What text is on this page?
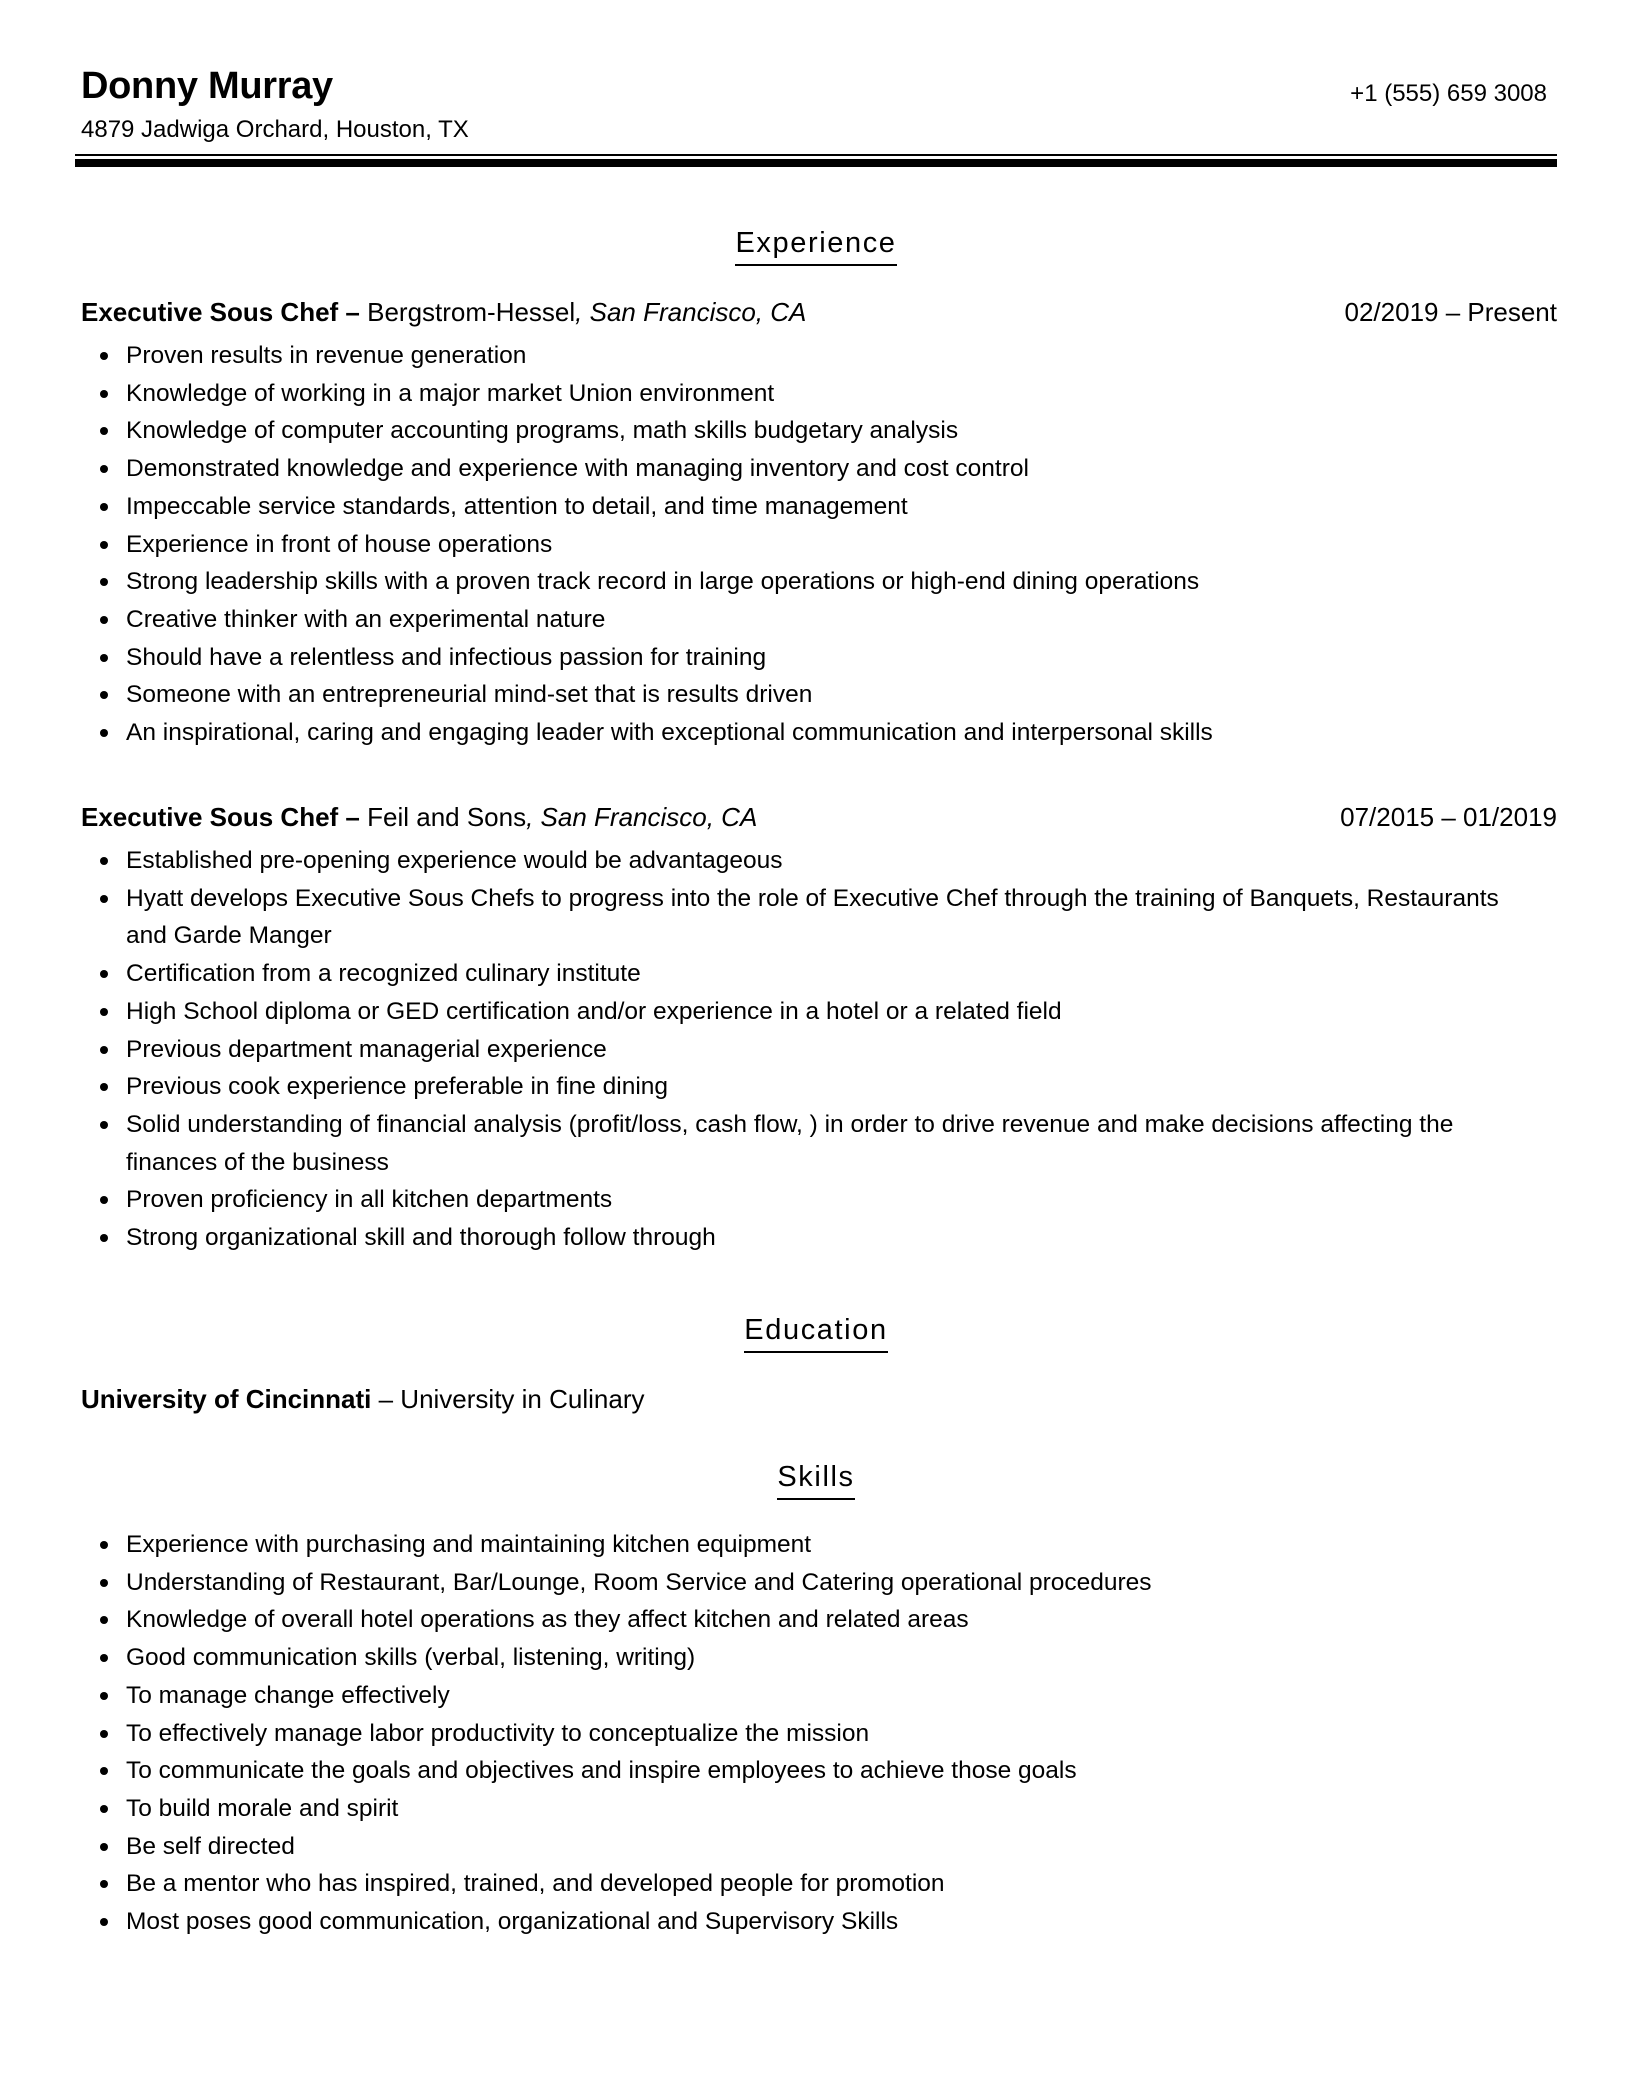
Donny Murray
4879 Jadwiga Orchard, Houston, TX
+1 (555) 659 3008
Experience
Executive Sous Chef – Bergstrom-Hessel, San Francisco, CA	02/2019 – Present
Proven results in revenue generation
Knowledge of working in a major market Union environment
Knowledge of computer accounting programs, math skills budgetary analysis
Demonstrated knowledge and experience with managing inventory and cost control
Impeccable service standards, attention to detail, and time management
Experience in front of house operations
Strong leadership skills with a proven track record in large operations or high-end dining operations
Creative thinker with an experimental nature
Should have a relentless and infectious passion for training
Someone with an entrepreneurial mind-set that is results driven
An inspirational, caring and engaging leader with exceptional communication and interpersonal skills
Executive Sous Chef – Feil and Sons, San Francisco, CA	07/2015 – 01/2019
Established pre-opening experience would be advantageous
Hyatt develops Executive Sous Chefs to progress into the role of Executive Chef through the training of Banquets, Restaurants and Garde Manger
Certification from a recognized culinary institute
High School diploma or GED certification and/or experience in a hotel or a related field
Previous department managerial experience
Previous cook experience preferable in fine dining
Solid understanding of financial analysis (profit/loss, cash flow, ) in order to drive revenue and make decisions affecting the finances of the business
Proven proficiency in all kitchen departments
Strong organizational skill and thorough follow through
Education
University of Cincinnati – University in Culinary
Skills
Experience with purchasing and maintaining kitchen equipment
Understanding of Restaurant, Bar/Lounge, Room Service and Catering operational procedures
Knowledge of overall hotel operations as they affect kitchen and related areas
Good communication skills (verbal, listening, writing)
To manage change effectively
To effectively manage labor productivity to conceptualize the mission
To communicate the goals and objectives and inspire employees to achieve those goals
To build morale and spirit
Be self directed
Be a mentor who has inspired, trained, and developed people for promotion
Most poses good communication, organizational and Supervisory Skills
